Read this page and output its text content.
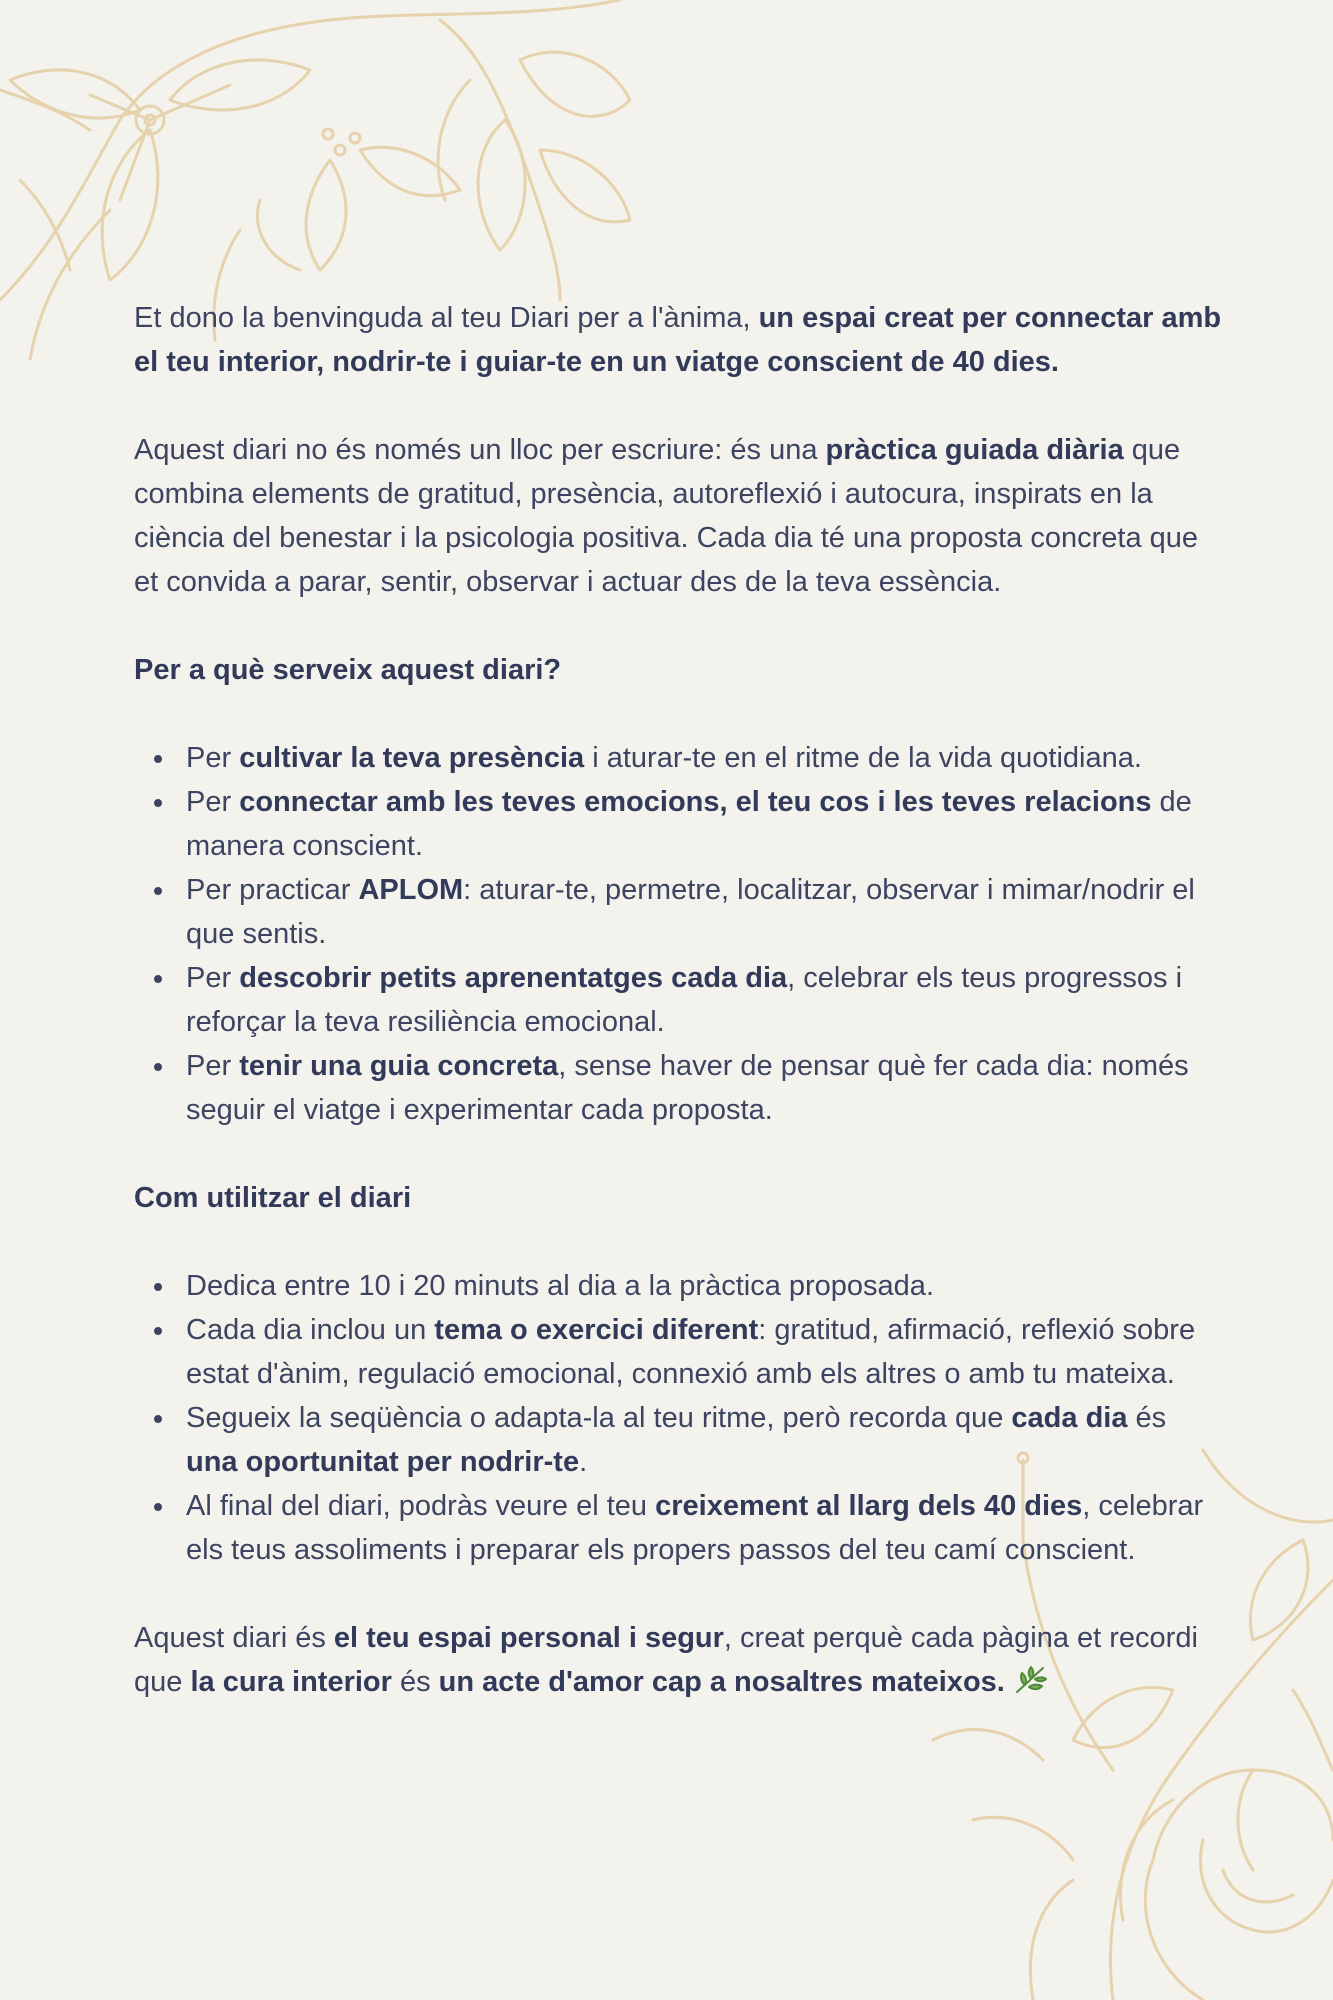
Et dono la benvinguda al teu Diari per a l'ànima, un espai creat per connectar amb el teu interior, nodrir-te i guiar-te en un viatge conscient de 40 dies.

Aquest diari no és només un lloc per escriure: és una pràctica guiada diària que combina elements de gratitud, presència, autoreflexió i autocura, inspirats en la ciència del benestar i la psicologia positiva. Cada dia té una proposta concreta que et convida a parar, sentir, observar i actuar des de la teva essència.

Per a què serveix aquest diari?

Per cultivar la teva presència i aturar-te en el ritme de la vida quotidiana.
Per connectar amb les teves emocions, el teu cos i les teves relacions de manera conscient.
Per practicar APLOM: aturar-te, permetre, localitzar, observar i mimar/nodrir el que sentis.
Per descobrir petits aprenentatges cada dia, celebrar els teus progressos i reforçar la teva resiliència emocional.
Per tenir una guia concreta, sense haver de pensar què fer cada dia: només seguir el viatge i experimentar cada proposta.

Com utilitzar el diari

Dedica entre 10 i 20 minuts al dia a la pràctica proposada.
Cada dia inclou un tema o exercici diferent: gratitud, afirmació, reflexió sobre estat d'ànim, regulació emocional, connexió amb els altres o amb tu mateixa.
Segueix la seqüència o adapta-la al teu ritme, però recorda que cada dia és una oportunitat per nodrir-te.
Al final del diari, podràs veure el teu creixement al llarg dels 40 dies, celebrar els teus assoliments i preparar els propers passos del teu camí conscient.

Aquest diari és el teu espai personal i segur, creat perquè cada pàgina et recordi que la cura interior és un acte d'amor cap a nosaltres mateixos.
